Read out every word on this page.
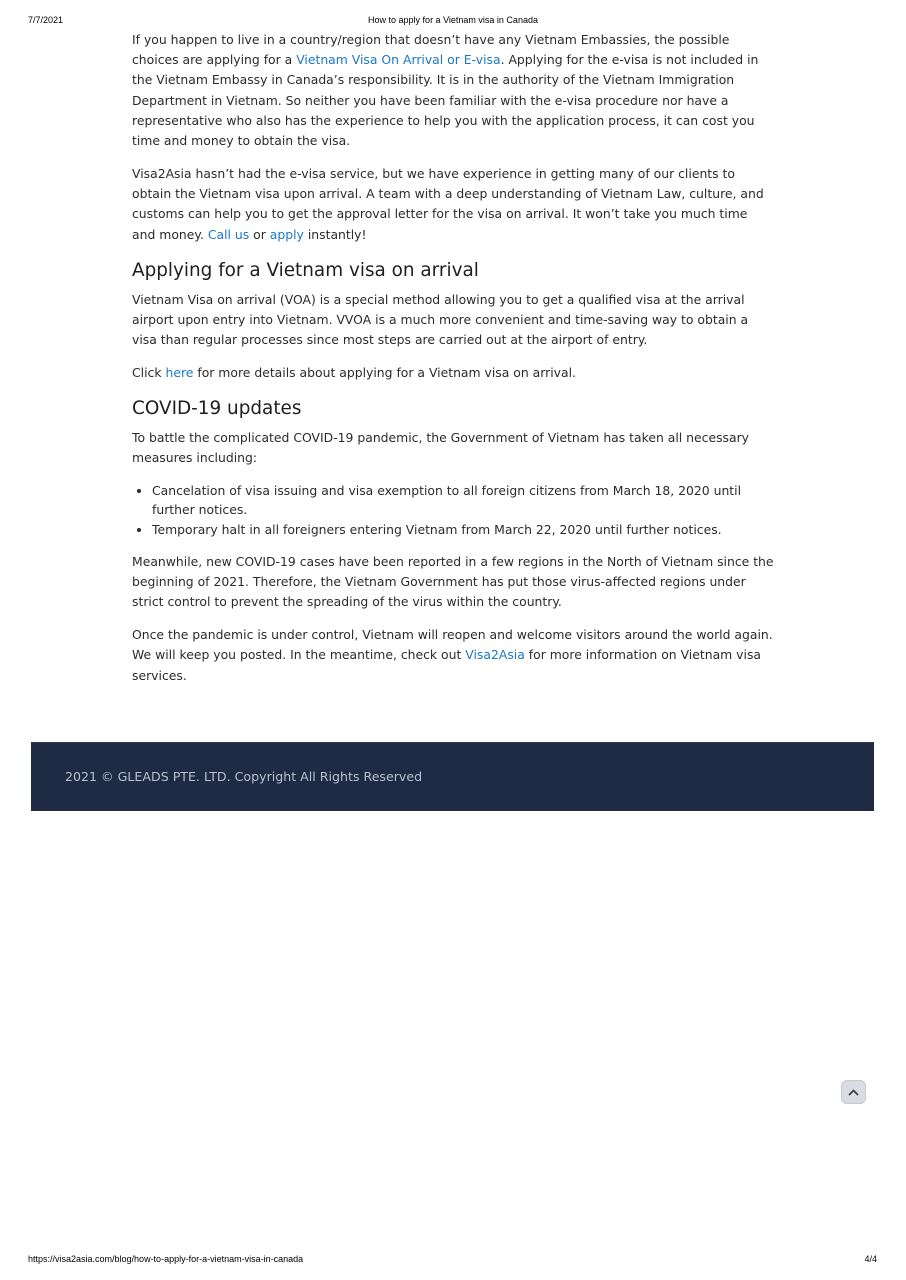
7/7/2021	How to apply for a Vietnam visa in Canada

If you happen to live in a country/region that doesn’t have any Vietnam Embassies, the possible choices are applying for a Vietnam Visa On Arrival or E-visa. Applying for the e-visa is not included in the Vietnam Embassy in Canada’s responsibility. It is in the authority of the Vietnam Immigration Department in Vietnam. So neither you have been familiar with the e-visa procedure nor have a representative who also has the experience to help you with the application process, it can cost you time and money to obtain the visa.

Visa2Asia hasn’t had the e-visa service, but we have experience in getting many of our clients to obtain the Vietnam visa upon arrival. A team with a deep understanding of Vietnam Law, culture, and customs can help you to get the approval letter for the visa on arrival. It won’t take you much time and money. Call us or apply instantly!

Applying for a Vietnam visa on arrival

Vietnam Visa on arrival (VOA) is a special method allowing you to get a qualified visa at the arrival airport upon entry into Vietnam. VVOA is a much more convenient and time-saving way to obtain a visa than regular processes since most steps are carried out at the airport of entry.

Click here for more details about applying for a Vietnam visa on arrival.

COVID-19 updates

To battle the complicated COVID-19 pandemic, the Government of Vietnam has taken all necessary measures including:

• Cancelation of visa issuing and visa exemption to all foreign citizens from March 18, 2020 until further notices.
• Temporary halt in all foreigners entering Vietnam from March 22, 2020 until further notices.

Meanwhile, new COVID-19 cases have been reported in a few regions in the North of Vietnam since the beginning of 2021. Therefore, the Vietnam Government has put those virus-affected regions under strict control to prevent the spreading of the virus within the country.

Once the pandemic is under control, Vietnam will reopen and welcome visitors around the world again. We will keep you posted. In the meantime, check out Visa2Asia for more information on Vietnam visa services.

2021 © GLEADS PTE. LTD. Copyright All Rights Reserved
https://visa2asia.com/blog/how-to-apply-for-a-vietnam-visa-in-canada	4/4
